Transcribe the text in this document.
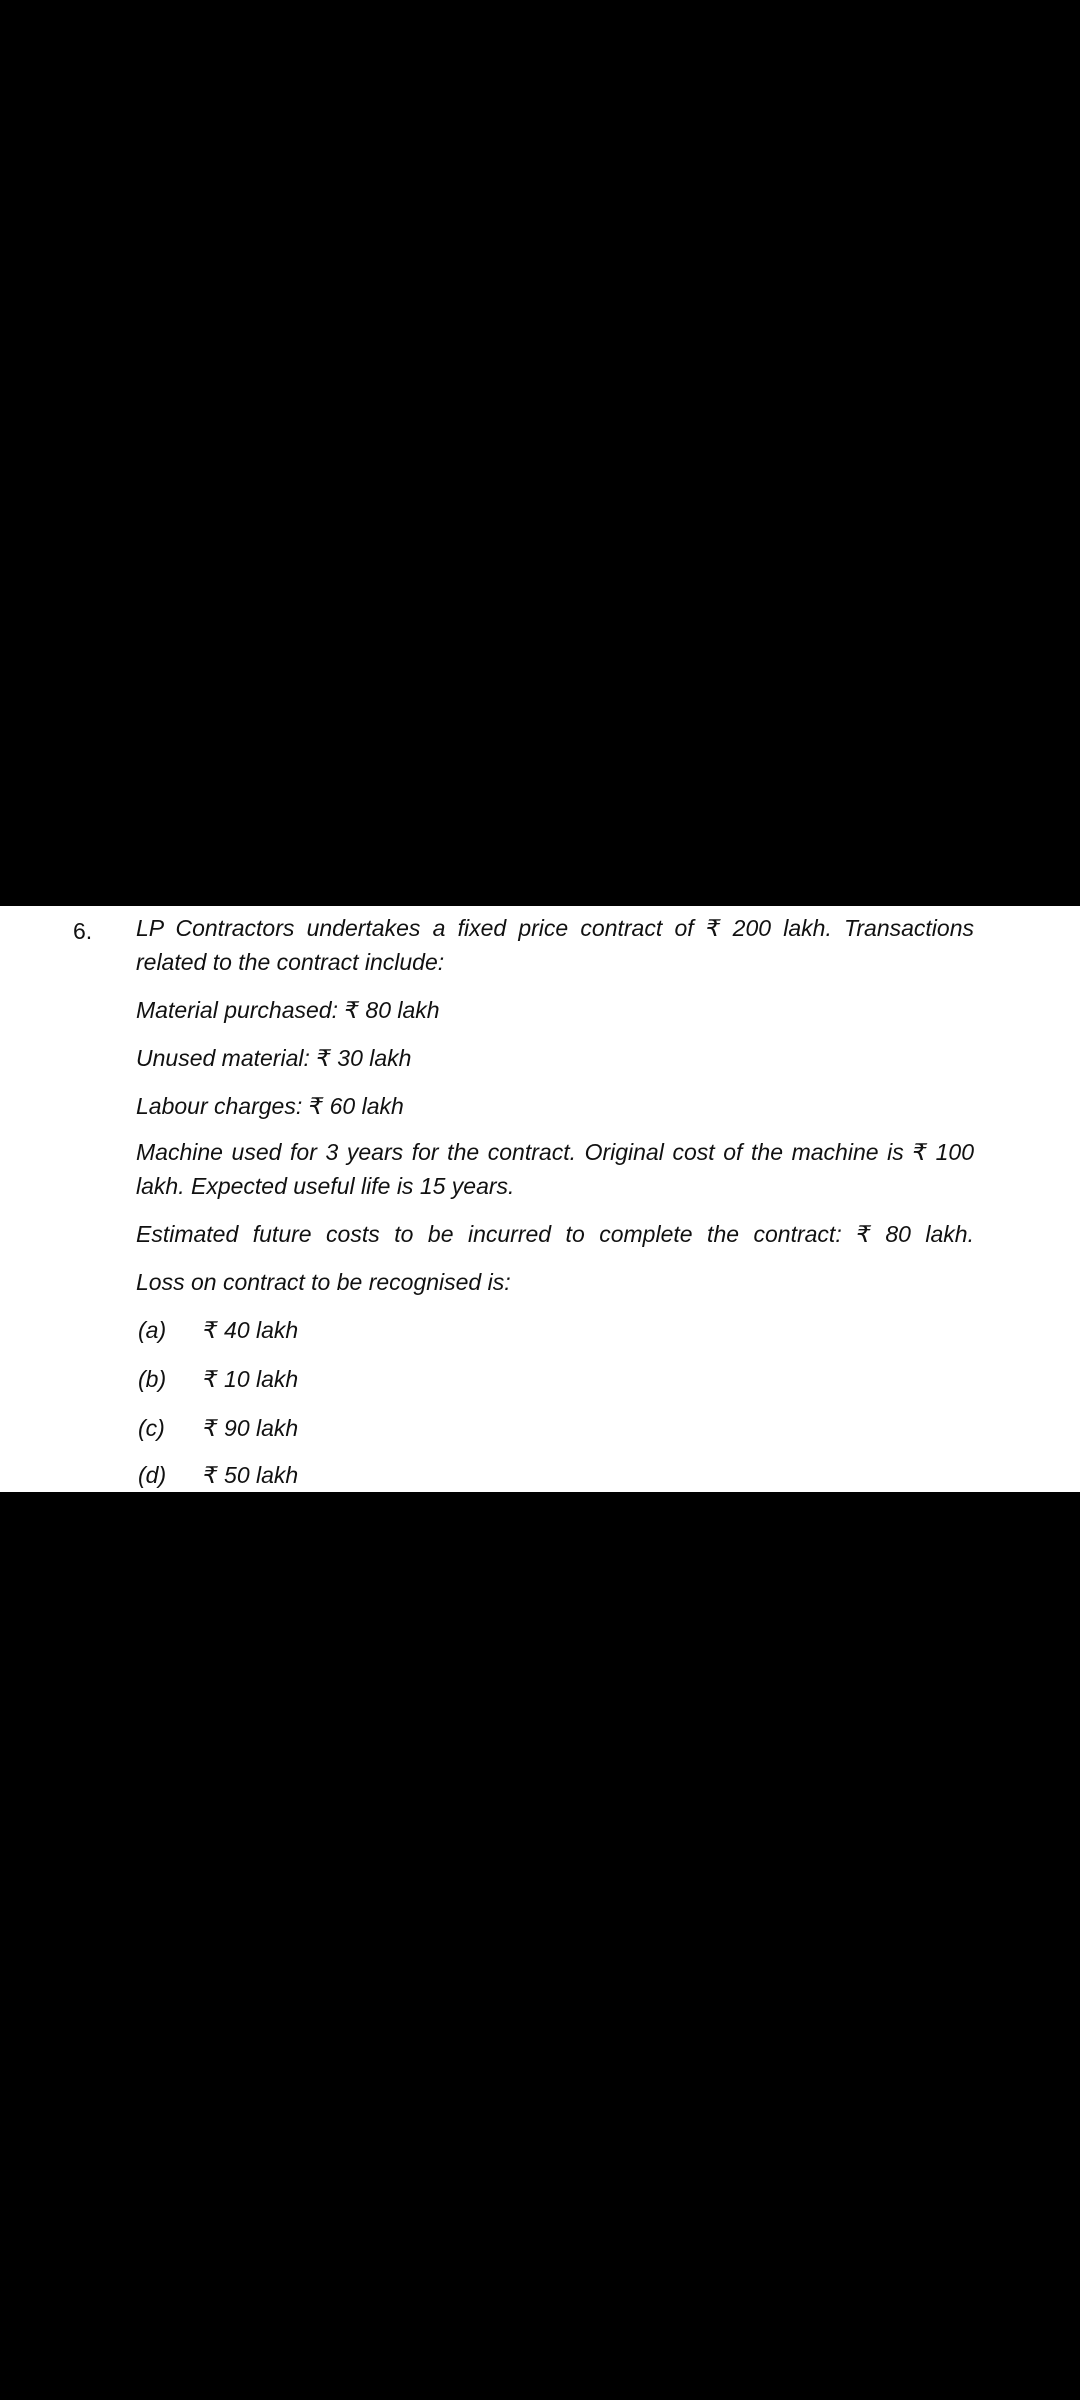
6. LP Contractors undertakes a fixed price contract of ₹ 200 lakh. Transactions
related to the contract include:
Material purchased: ₹ 80 lakh
Unused material: ₹ 30 lakh
Labour charges: ₹ 60 lakh
Machine used for 3 years for the contract. Original cost of the machine is ₹ 100
lakh. Expected useful life is 15 years.
Estimated future costs to be incurred to complete the contract: ₹ 80 lakh.
Loss on contract to be recognised is:
(a) ₹ 40 lakh
(b) ₹ 10 lakh
(c) ₹ 90 lakh
(d) ₹ 50 lakh
